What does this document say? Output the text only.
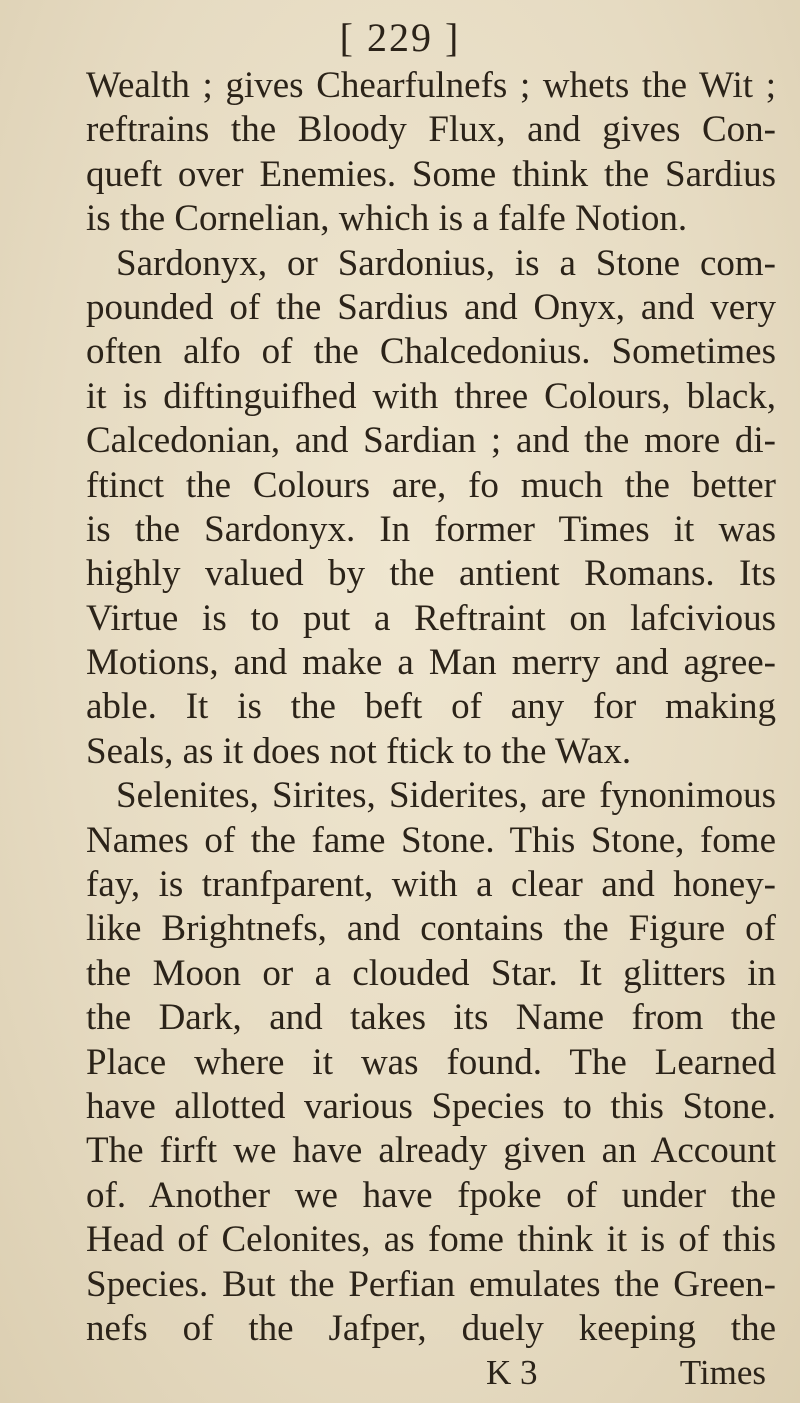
[ 229 ]
Wealth ; gives Chearfulnefs ; whets the Wit ;
reftrains the Bloody Flux, and gives Con-
queft over Enemies. Some think the Sardius
is the Cornelian, which is a falfe Notion.
Sardonyx, or Sardonius, is a Stone com-
pounded of the Sardius and Onyx, and very
often alfo of the Chalcedonius. Sometimes
it is diftinguifhed with three Colours, black,
Calcedonian, and Sardian ; and the more di-
ftinct the Colours are, fo much the better
is the Sardonyx. In former Times it was
highly valued by the antient Romans. Its
Virtue is to put a Reftraint on lafcivious
Motions, and make a Man merry and agree-
able. It is the beft of any for making
Seals, as it does not ftick to the Wax.
Selenites, Sirites, Siderites, are fynonimous
Names of the fame Stone. This Stone, fome
fay, is tranfparent, with a clear and honey-
like Brightnefs, and contains the Figure of
the Moon or a clouded Star. It glitters in
the Dark, and takes its Name from the
Place where it was found. The Learned
have allotted various Species to this Stone.
The firft we have already given an Account
of. Another we have fpoke of under the
Head of Celonites, as fome think it is of this
Species. But the Perfian emulates the Green-
nefs of the Jafper, duely keeping the
K 3	Times
